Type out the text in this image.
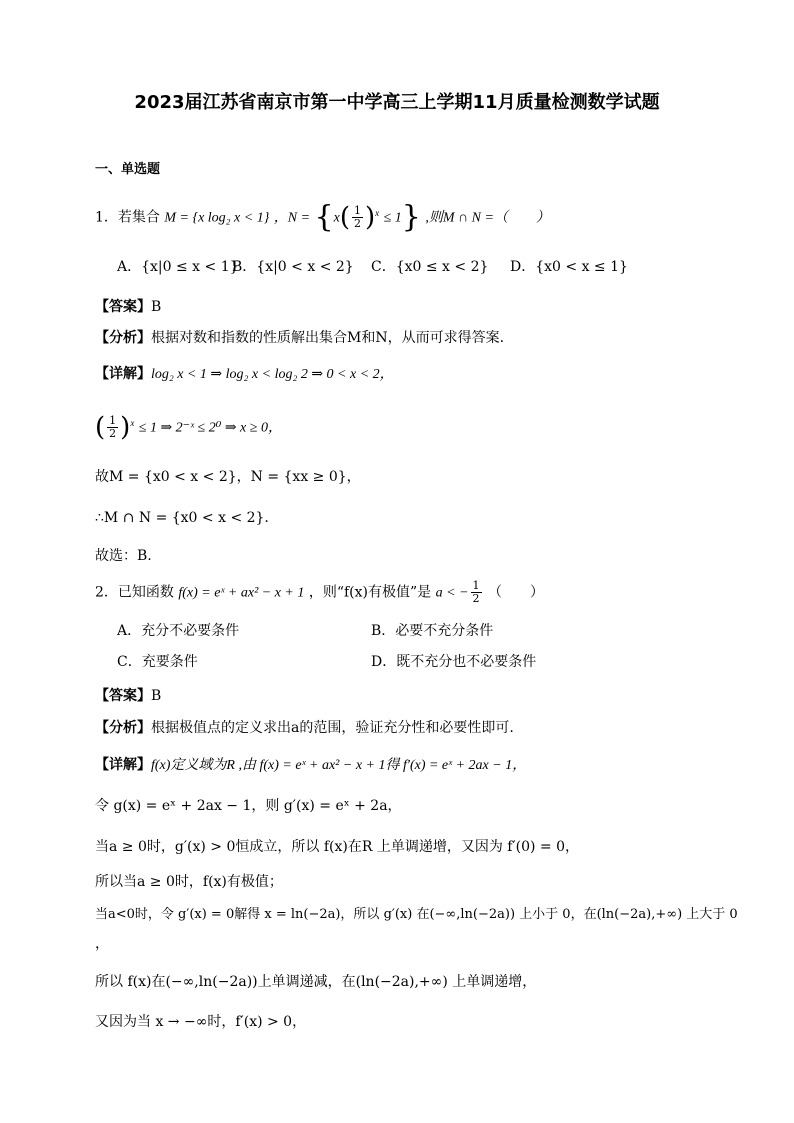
2023届江苏省南京市第一中学高三上学期11月质量检测数学试题
一、单选题
1．若集合 M = {x log₂ x < 1} ，$N = \{x( \frac{1}{2} )^x \le 1\}$ ,则M ∩ N =（　　）
A．{x|0 ≤ x < 1}
B．{x|0 < x < 2} C．{x0 ≤ x < 2} D．{x0 < x ≤ 1}
【答案】B
【分析】根据对数和指数的性质解出集合M和N，从而可求得答案.
【详解】log₂ x < 1 ⇒ log₂ x < log₂ 2 ⇒ 0 < x < 2，
( $\frac{1}{2} )^x \le 1$ ⇒ 2⁻ˣ ≤ 2⁰ ⇒ x ≥ 0，
故M = {x0 < x < 2}，N = {xx ≥ 0}，
∴M ∩ N = {x0 < x < 2}.
故选：B.
2．已知函数 f(x) = eˣ + ax² − x + 1 ，则“f(x)有极值”是 a < − $\frac{1}{2}$ （　　）
A．充分不必要条件	B．必要不充分条件
C．充要条件	D．既不充分也不必要条件
【答案】B
【分析】根据极值点的定义求出a的范围，验证充分性和必要性即可.
【详解】f(x)定义域为R ,由 f(x) = eˣ + ax² − x + 1得 f′(x) = eˣ + 2ax − 1，
令 g(x) = eˣ + 2ax − 1，则 g′(x) = eˣ + 2a，
当a ≥ 0时，g′(x) > 0恒成立，所以 f(x)在R 上单调递增，又因为 f′(0) = 0，
所以当a ≥ 0时，f(x)有极值；
当a<0时，令 g′(x) = 0解得 x = ln(−2a)，所以 g′(x) 在(−∞,ln(−2a)) 上小于 0，在(ln(−2a),+∞) 上大于 0
，
所以 f(x)在(−∞,ln(−2a))上单调递减，在(ln(−2a),+∞) 上单调递增，
又因为当 x → −∞时，f′(x) > 0，
